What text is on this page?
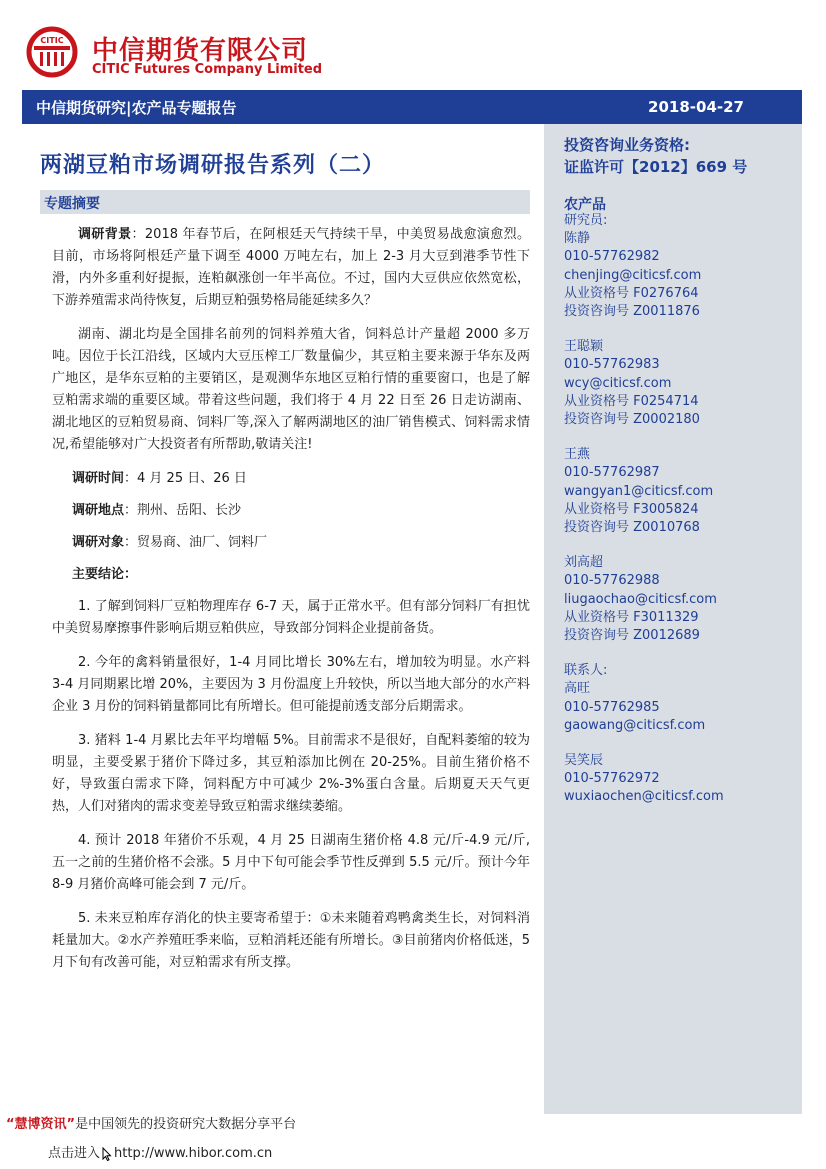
CITIC 中信期货有限公司
CITIC Futures Company Limited
中信期货研究|农产品专题报告	2018-04-27
投资咨询业务资格:
证监许可【2012】669 号
农产品
研究员:
陈静
010-57762982
chenjing@citicsf.com
从业资格号 F0276764
投资咨询号 Z0011876
王聪颖
010-57762983
wcy@citicsf.com
从业资格号 F0254714
投资咨询号 Z0002180
王燕
010-57762987
wangyan1@citicsf.com
从业资格号 F3005824
投资咨询号 Z0010768
刘高超
010-57762988
liugaochao@citicsf.com
从业资格号 F3011329
投资咨询号 Z0012689
联系人:
高旺
010-57762985
gaowang@citicsf.com
吴笑辰
010-57762972
wuxiaochen@citicsf.com
两湖豆粕市场调研报告系列（二）
专题摘要

调研背景：2018 年春节后，在阿根廷天气持续干旱，中美贸易战愈演愈烈。目前，市场将阿根廷产量下调至 4000 万吨左右，加上 2-3 月大豆到港季节性下滑，内外多重利好提振，连粕飙涨创一年半高位。不过，国内大豆供应依然宽松，下游养殖需求尚待恢复，后期豆粕强势格局能延续多久？

湖南、湖北均是全国排名前列的饲料养殖大省，饲料总计产量超 2000 多万吨。因位于长江沿线，区域内大豆压榨工厂数量偏少，其豆粕主要来源于华东及两广地区，是华东豆粕的主要销区，是观测华东地区豆粕行情的重要窗口，也是了解豆粕需求端的重要区域。带着这些问题，我们将于 4 月 22 日至 26 日走访湖南、湖北地区的豆粕贸易商、饲料厂等,深入了解两湖地区的油厂销售模式、饲料需求情况,希望能够对广大投资者有所帮助,敬请关注!

调研时间：4 月 25 日、26 日

调研地点：荆州、岳阳、长沙

调研对象：贸易商、油厂、饲料厂

主要结论：

1. 了解到饲料厂豆粕物理库存 6-7 天，属于正常水平。但有部分饲料厂有担忧中美贸易摩擦事件影响后期豆粕供应，导致部分饲料企业提前备货。

2. 今年的禽料销量很好，1-4 月同比增长 30%左右，增加较为明显。水产料 3-4 月同期累比增 20%，主要因为 3 月份温度上升较快，所以当地大部分的水产料企业 3 月份的饲料销量都同比有所增长。但可能提前透支部分后期需求。

3. 猪料 1-4 月累比去年平均增幅 5%。目前需求不是很好，自配料萎缩的较为明显，主要受累于猪价下降过多，其豆粕添加比例在 20-25%。目前生猪价格不好，导致蛋白需求下降，饲料配方中可减少 2%-3%蛋白含量。后期夏天天气更热，人们对猪肉的需求变差导致豆粕需求继续萎缩。

4. 预计 2018 年猪价不乐观，4 月 25 日湖南生猪价格 4.8 元/斤-4.9 元/斤,五一之前的生猪价格不会涨。5 月中下旬可能会季节性反弹到 5.5 元/斤。预计今年 8-9 月猪价高峰可能会到 7 元/斤。

5. 未来豆粕库存消化的快主要寄希望于：①未来随着鸡鸭禽类生长，对饲料消耗量加大。②水产养殖旺季来临，豆粕消耗还能有所增长。③目前猪肉价格低迷，5 月下旬有改善可能，对豆粕需求有所支撑。

“慧博资讯”是中国领先的投资研究大数据分享平台
点击进入 http://www.hibor.com.cn
